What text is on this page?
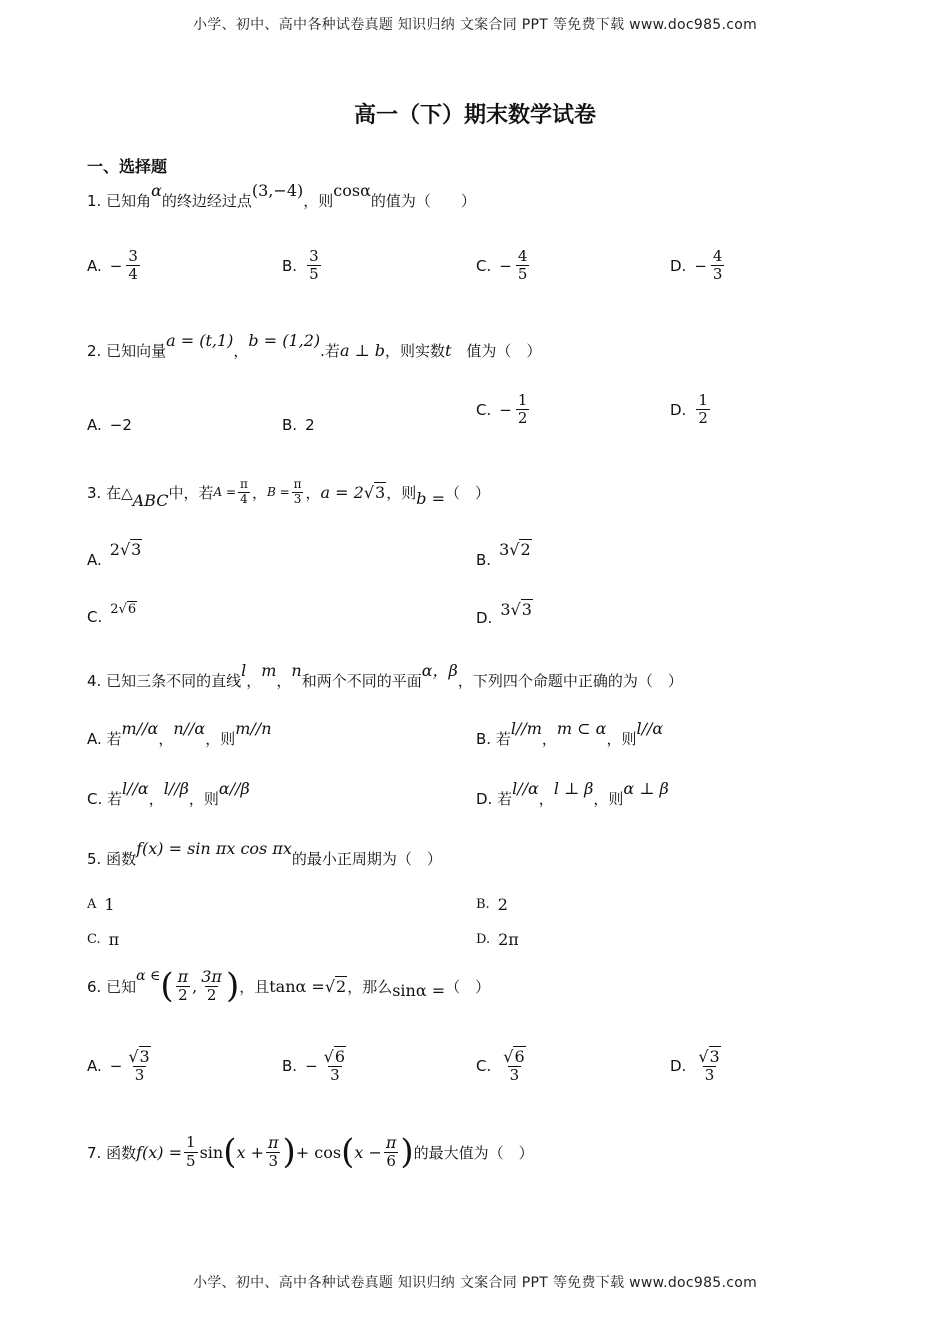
小学、初中、高中各种试卷真题 知识归纳 文案合同 PPT 等免费下载 www.doc985.com
高一（下）期末数学试卷
一、选择题
1. 已知角α的终边经过点(3,−4)，则cosα的值为（　　）
A. − $\frac{3}{4}$	B. $\frac{3}{5}$	C. − $\frac{4}{5}$	D. − $\frac{4}{3}$
2. 已知向量a = (t,1)，b = (1,2).若a ⊥ b，则实数t　值为（　）
A. −2	B. 2
C. − $\frac{1}{2}$	D. $\frac{1}{2}$
3. 在△ ABC 中，若 $A = \frac{\pi}{4}$ ， $B = \frac{\pi}{3}$ ， a = 2 √3 ，则 b = （　）
A.
2√3
B.
3√2
C. 2√6	D. 3√3
4. 已知三条不同的直线l，m，n和两个不同的平面α，β，下列四个命题中正确的为（　）
A. 若m//α，n//α，则m//n
B. 若l//m，m ⊂ α，则l//α
C. 若l//α，l//β，则α//β
D. 若l//α，l ⊥ β，则α ⊥ β
5. 函数f(x) = sin πx cos πx的最小正周期为（　）
A 1	B. 2
C. π	D. 2π
6. 已知
α ∈ ( $\frac{\pi}{2}$ , $\frac{3\pi}{2}$ ) ，且 tanα = √2 ，那么 sinα = （　）
A. − $\frac{√3}{3}$	B. − $\frac{√6}{3}$	C. $\frac{√6}{3}$	D. $\frac{√3}{3}$
7. 函数 $f(x) = \frac{1}{5}$ sin ( $x + \frac{\pi}{3}$ ) + cos ( $x - \frac{\pi}{6}$ ) 的最大值为（　）
小学、初中、高中各种试卷真题 知识归纳 文案合同 PPT 等免费下载 www.doc985.com
